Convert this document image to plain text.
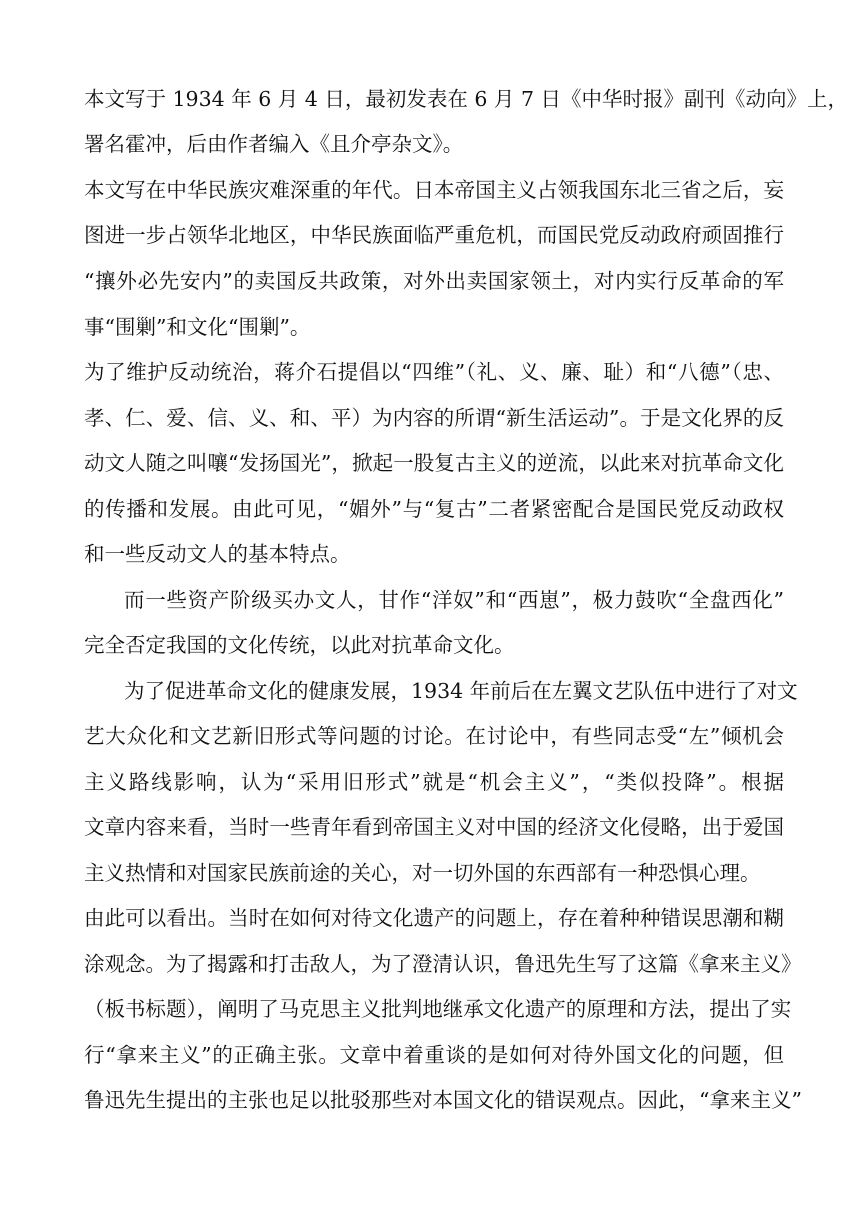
本文写于 1934 年 6 月 4 日，最初发表在 6 月 7 日《中华时报》副刊《动向》上，
署名霍冲，后由作者编入《且介亭杂文》。
本文写在中华民族灾难深重的年代。日本帝国主义占领我国东北三省之后，妄
图进一步占领华北地区，中华民族面临严重危机，而国民党反动政府顽固推行
“攘外必先安内”的卖国反共政策，对外出卖国家领土，对内实行反革命的军
事“围剿”和文化“围剿”。
为了维护反动统治，蒋介石提倡以“四维”（礼、义、廉、耻）和“八德”（忠、
孝、仁、爱、信、义、和、平）为内容的所谓“新生活运动”。于是文化界的反
动文人随之叫嚷“发扬国光”，掀起一股复古主义的逆流，以此来对抗革命文化
的传播和发展。由此可见，“媚外”与“复古”二者紧密配合是国民党反动政权
和一些反动文人的基本特点。
而一些资产阶级买办文人，甘作“洋奴”和“西崽”，极力鼓吹“全盘西化”
完全否定我国的文化传统，以此对抗革命文化。
为了促进革命文化的健康发展，1934 年前后在左翼文艺队伍中进行了对文
艺大众化和文艺新旧形式等问题的讨论。在讨论中，有些同志受“左”倾机会
主义路线影响，认为“采用旧形式”就是“机会主义”，“类似投降”。根据
文章内容来看，当时一些青年看到帝国主义对中国的经济文化侵略，出于爱国
主义热情和对国家民族前途的关心，对一切外国的东西部有一种恐惧心理。
由此可以看出。当时在如何对待文化遗产的问题上，存在着种种错误思潮和糊
涂观念。为了揭露和打击敌人，为了澄清认识，鲁迅先生写了这篇《拿来主义》
（板书标题），阐明了马克思主义批判地继承文化遗产的原理和方法，提出了实
行“拿来主义”的正确主张。文章中着重谈的是如何对待外国文化的问题，但
鲁迅先生提出的主张也足以批驳那些对本国文化的错误观点。因此，“拿来主义”
